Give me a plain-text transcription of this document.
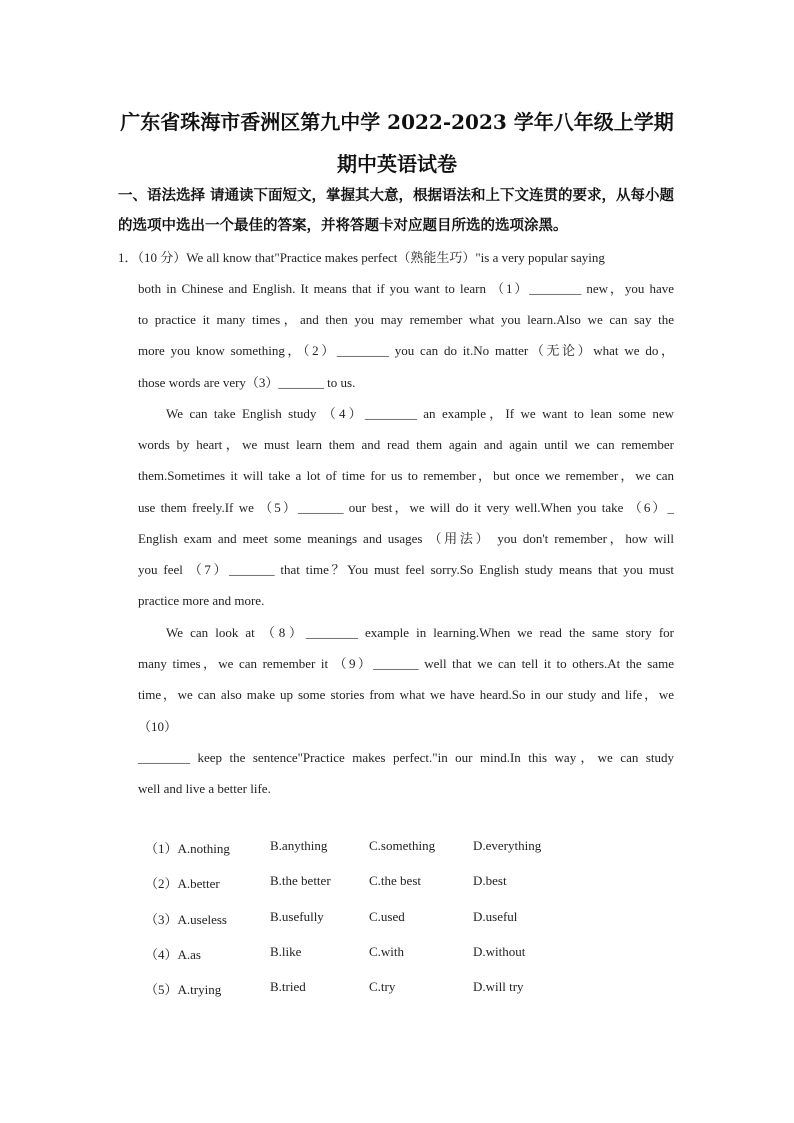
广东省珠海市香洲区第九中学 2022-2023 学年八年级上学期
期中英语试卷
一、语法选择 请通读下面短文，掌握其大意，根据语法和上下文连贯的要求，从每小题的选项中选出一个最佳的答案，并将答题卡对应题目所选的选项涂黑。
1．（10 分）We all know that"Practice makes perfect（熟能生巧）"is a very popular saying
both in Chinese and English. It means that if you want to learn （1）________ new，you have
to practice it many times，and then you may remember what you learn.Also we can say the
more you know something，（2）________ you can do it.No matter（无论）what we do，
those words are very（3）_______ to us.
We can take English study （4）________ an example，If we want to lean some new
words by heart，we must learn them and read them again and again until we can remember
them.Sometimes it will take a lot of time for us to remember，but once we remember，we can
use them freely.If we （5）_______ our best，we will do it very well.When you take （6）_
English exam and meet some meanings and usages （用法） you don't remember，how will
you feel （7）_______ that time？You must feel sorry.So English study means that you must
practice more and more.
We can look at （8）________ example in learning.When we read the same story for
many times，we can remember it （9）_______ well that we can tell it to others.At the same
time，we can also make up some stories from what we have heard.So in our study and life，we
（10）
________ keep the sentence"Practice makes perfect."in our mind.In this way，we can study
well and live a better life.
（1）A.nothing	B.anything	C.something	D.everything
（2）A.better	B.the better	C.the best	D.best
（3）A.useless	B.usefully	C.used	D.useful
（4）A.as	B.like	C.with	D.without
（5）A.trying	B.tried	C.try	D.will try
